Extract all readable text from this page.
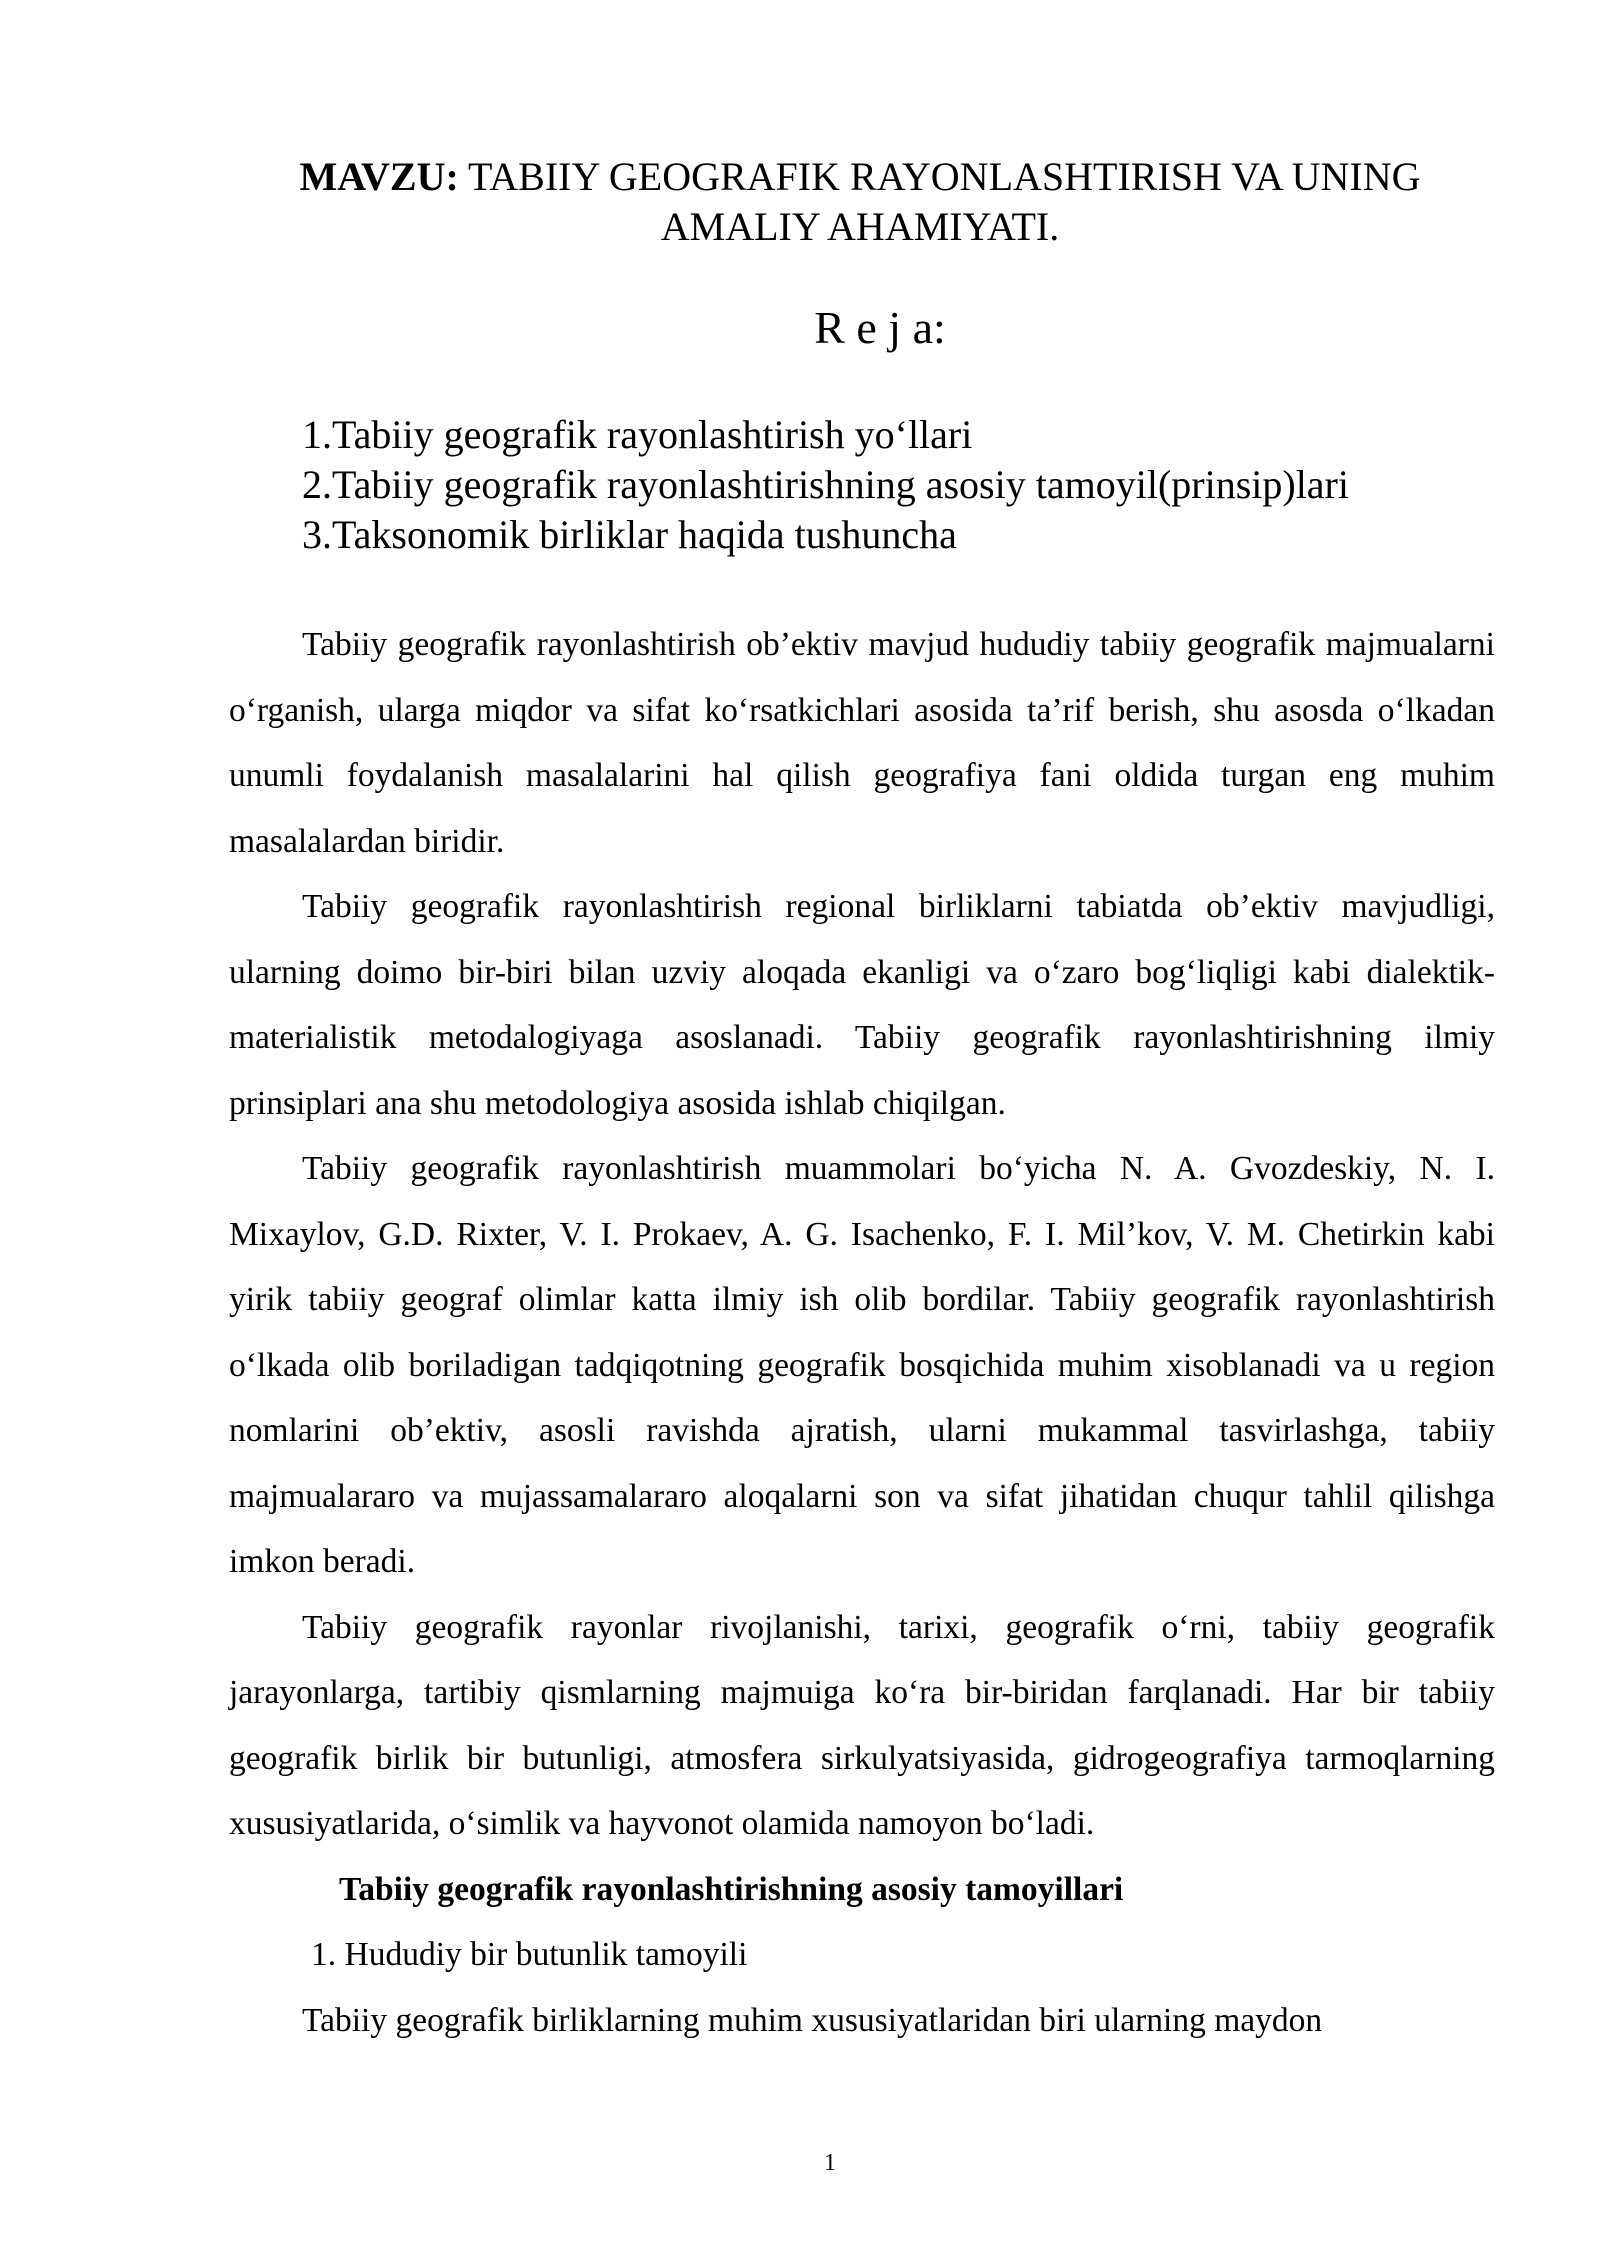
MAVZU: TABIIY GEOGRAFIK RAYONLASHTIRISH VA UNING AMALIY AHAMIYATI.
R e j a:
1.Tabiiy geografik rayonlashtirish yo‘llari
2.Tabiiy geografik rayonlashtirishning asosiy tamoyil(prinsip)lari
3.Taksonomik birliklar haqida tushuncha

Tabiiy geografik rayonlashtirish ob’ektiv mavjud hududiy tabiiy geografik majmualarni o‘rganish, ularga miqdor va sifat ko‘rsatkichlari asosida ta’rif berish, shu asosda o‘lkadan unumli foydalanish masalalarini hal qilish geografiya fani oldida turgan eng muhim masalalardan biridir.

Tabiiy geografik rayonlashtirish regional birliklarni tabiatda ob’ektiv mavjudligi, ularning doimo bir-biri bilan uzviy aloqada ekanligi va o‘zaro bog‘liqligi kabi dialektik-materialistik metodalogiyaga asoslanadi. Tabiiy geografik rayonlashtirishning ilmiy prinsiplari ana shu metodologiya asosida ishlab chiqilgan.

Tabiiy geografik rayonlashtirish muammolari bo‘yicha N. A. Gvozdeskiy, N. I. Mixaylov, G.D. Rixter, V. I. Prokaev, A. G. Isachenko, F. I. Mil’kov, V. M. Chetirkin kabi yirik tabiiy geograf olimlar katta ilmiy ish olib bordilar. Tabiiy geografik rayonlashtirish o‘lkada olib boriladigan tadqiqotning geografik bosqichida muhim xisoblanadi va u region nomlarini ob’ektiv, asosli ravishda ajratish, ularni mukammal tasvirlashga, tabiiy majmualararo va mujassamalararo aloqalarni son va sifat jihatidan chuqur tahlil qilishga imkon beradi.

Tabiiy geografik rayonlar rivojlanishi, tarixi, geografik o‘rni, tabiiy geografik jarayonlarga, tartibiy qismlarning majmuiga ko‘ra bir-biridan farqlanadi. Har bir tabiiy geografik birlik bir butunligi, atmosfera sirkulyatsiyasida, gidrogeografiya tarmoqlarning xususiyatlarida, o‘simlik va hayvonot olamida namoyon bo‘ladi.

Tabiiy geografik rayonlashtirishning asosiy tamoyillari

1. Hududiy bir butunlik tamoyili

Tabiiy geografik birliklarning muhim xususiyatlaridan biri ularning maydon

1
